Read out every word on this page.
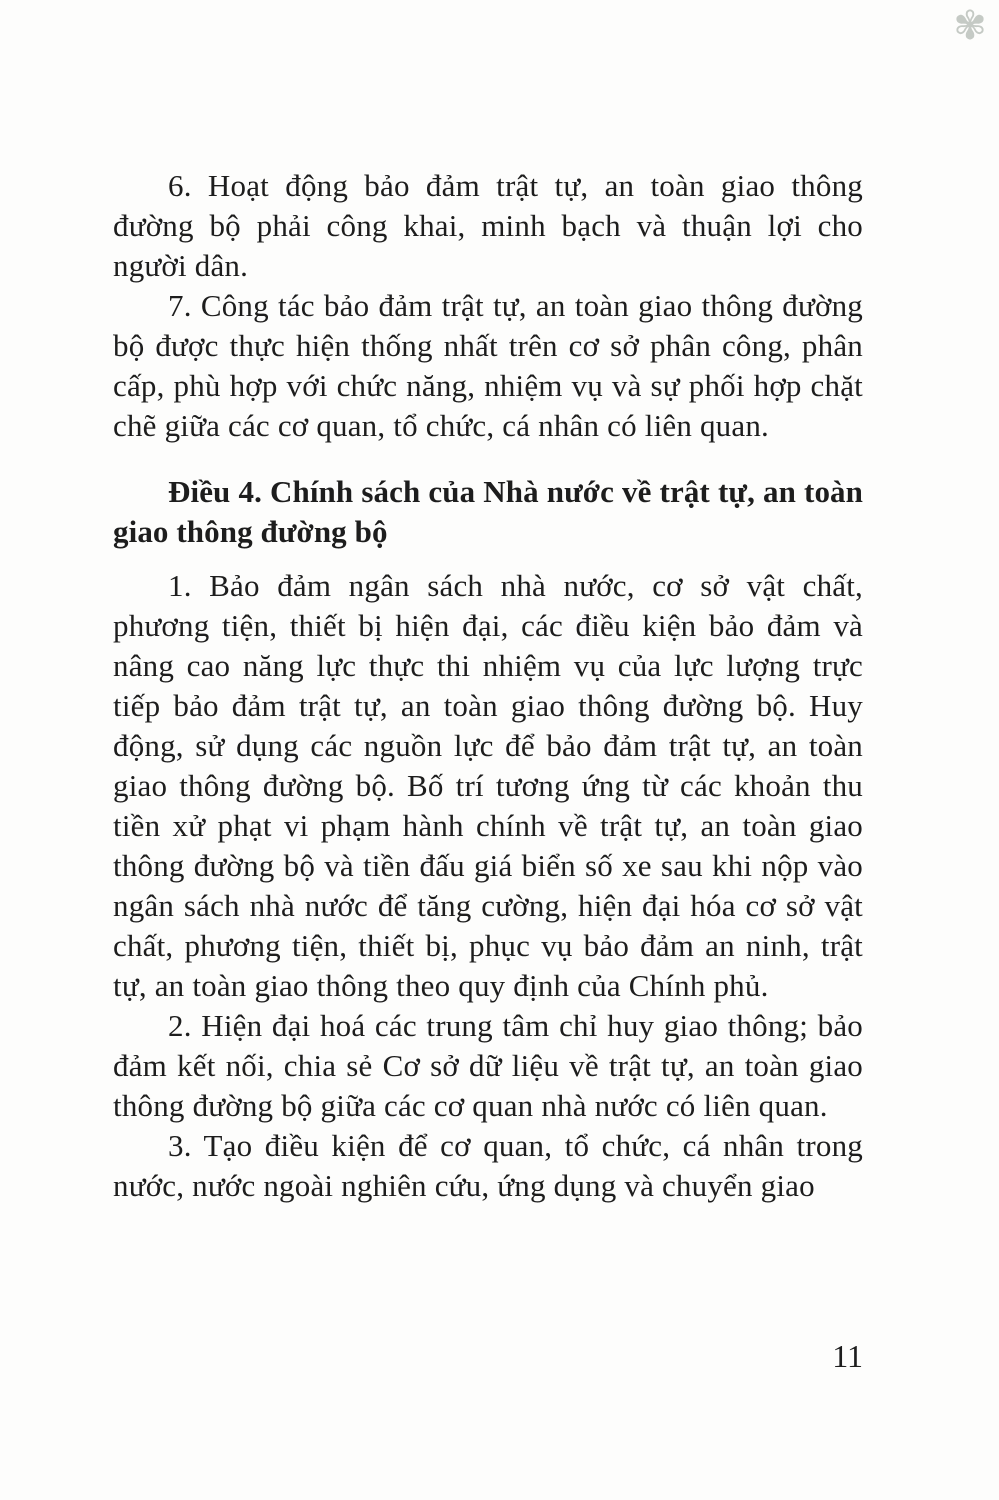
✾

6. Hoạt động bảo đảm trật tự, an toàn giao thông đường bộ phải công khai, minh bạch và thuận lợi cho người dân.

7. Công tác bảo đảm trật tự, an toàn giao thông đường bộ được thực hiện thống nhất trên cơ sở phân công, phân cấp, phù hợp với chức năng, nhiệm vụ và sự phối hợp chặt chẽ giữa các cơ quan, tổ chức, cá nhân có liên quan.

Điều 4. Chính sách của Nhà nước về trật tự, an toàn giao thông đường bộ

1. Bảo đảm ngân sách nhà nước, cơ sở vật chất, phương tiện, thiết bị hiện đại, các điều kiện bảo đảm và nâng cao năng lực thực thi nhiệm vụ của lực lượng trực tiếp bảo đảm trật tự, an toàn giao thông đường bộ. Huy động, sử dụng các nguồn lực để bảo đảm trật tự, an toàn giao thông đường bộ. Bố trí tương ứng từ các khoản thu tiền xử phạt vi phạm hành chính về trật tự, an toàn giao thông đường bộ và tiền đấu giá biển số xe sau khi nộp vào ngân sách nhà nước để tăng cường, hiện đại hóa cơ sở vật chất, phương tiện, thiết bị, phục vụ bảo đảm an ninh, trật tự, an toàn giao thông theo quy định của Chính phủ.

2. Hiện đại hoá các trung tâm chỉ huy giao thông; bảo đảm kết nối, chia sẻ Cơ sở dữ liệu về trật tự, an toàn giao thông đường bộ giữa các cơ quan nhà nước có liên quan.

3. Tạo điều kiện để cơ quan, tổ chức, cá nhân trong nước, nước ngoài nghiên cứu, ứng dụng và chuyển giao

11
